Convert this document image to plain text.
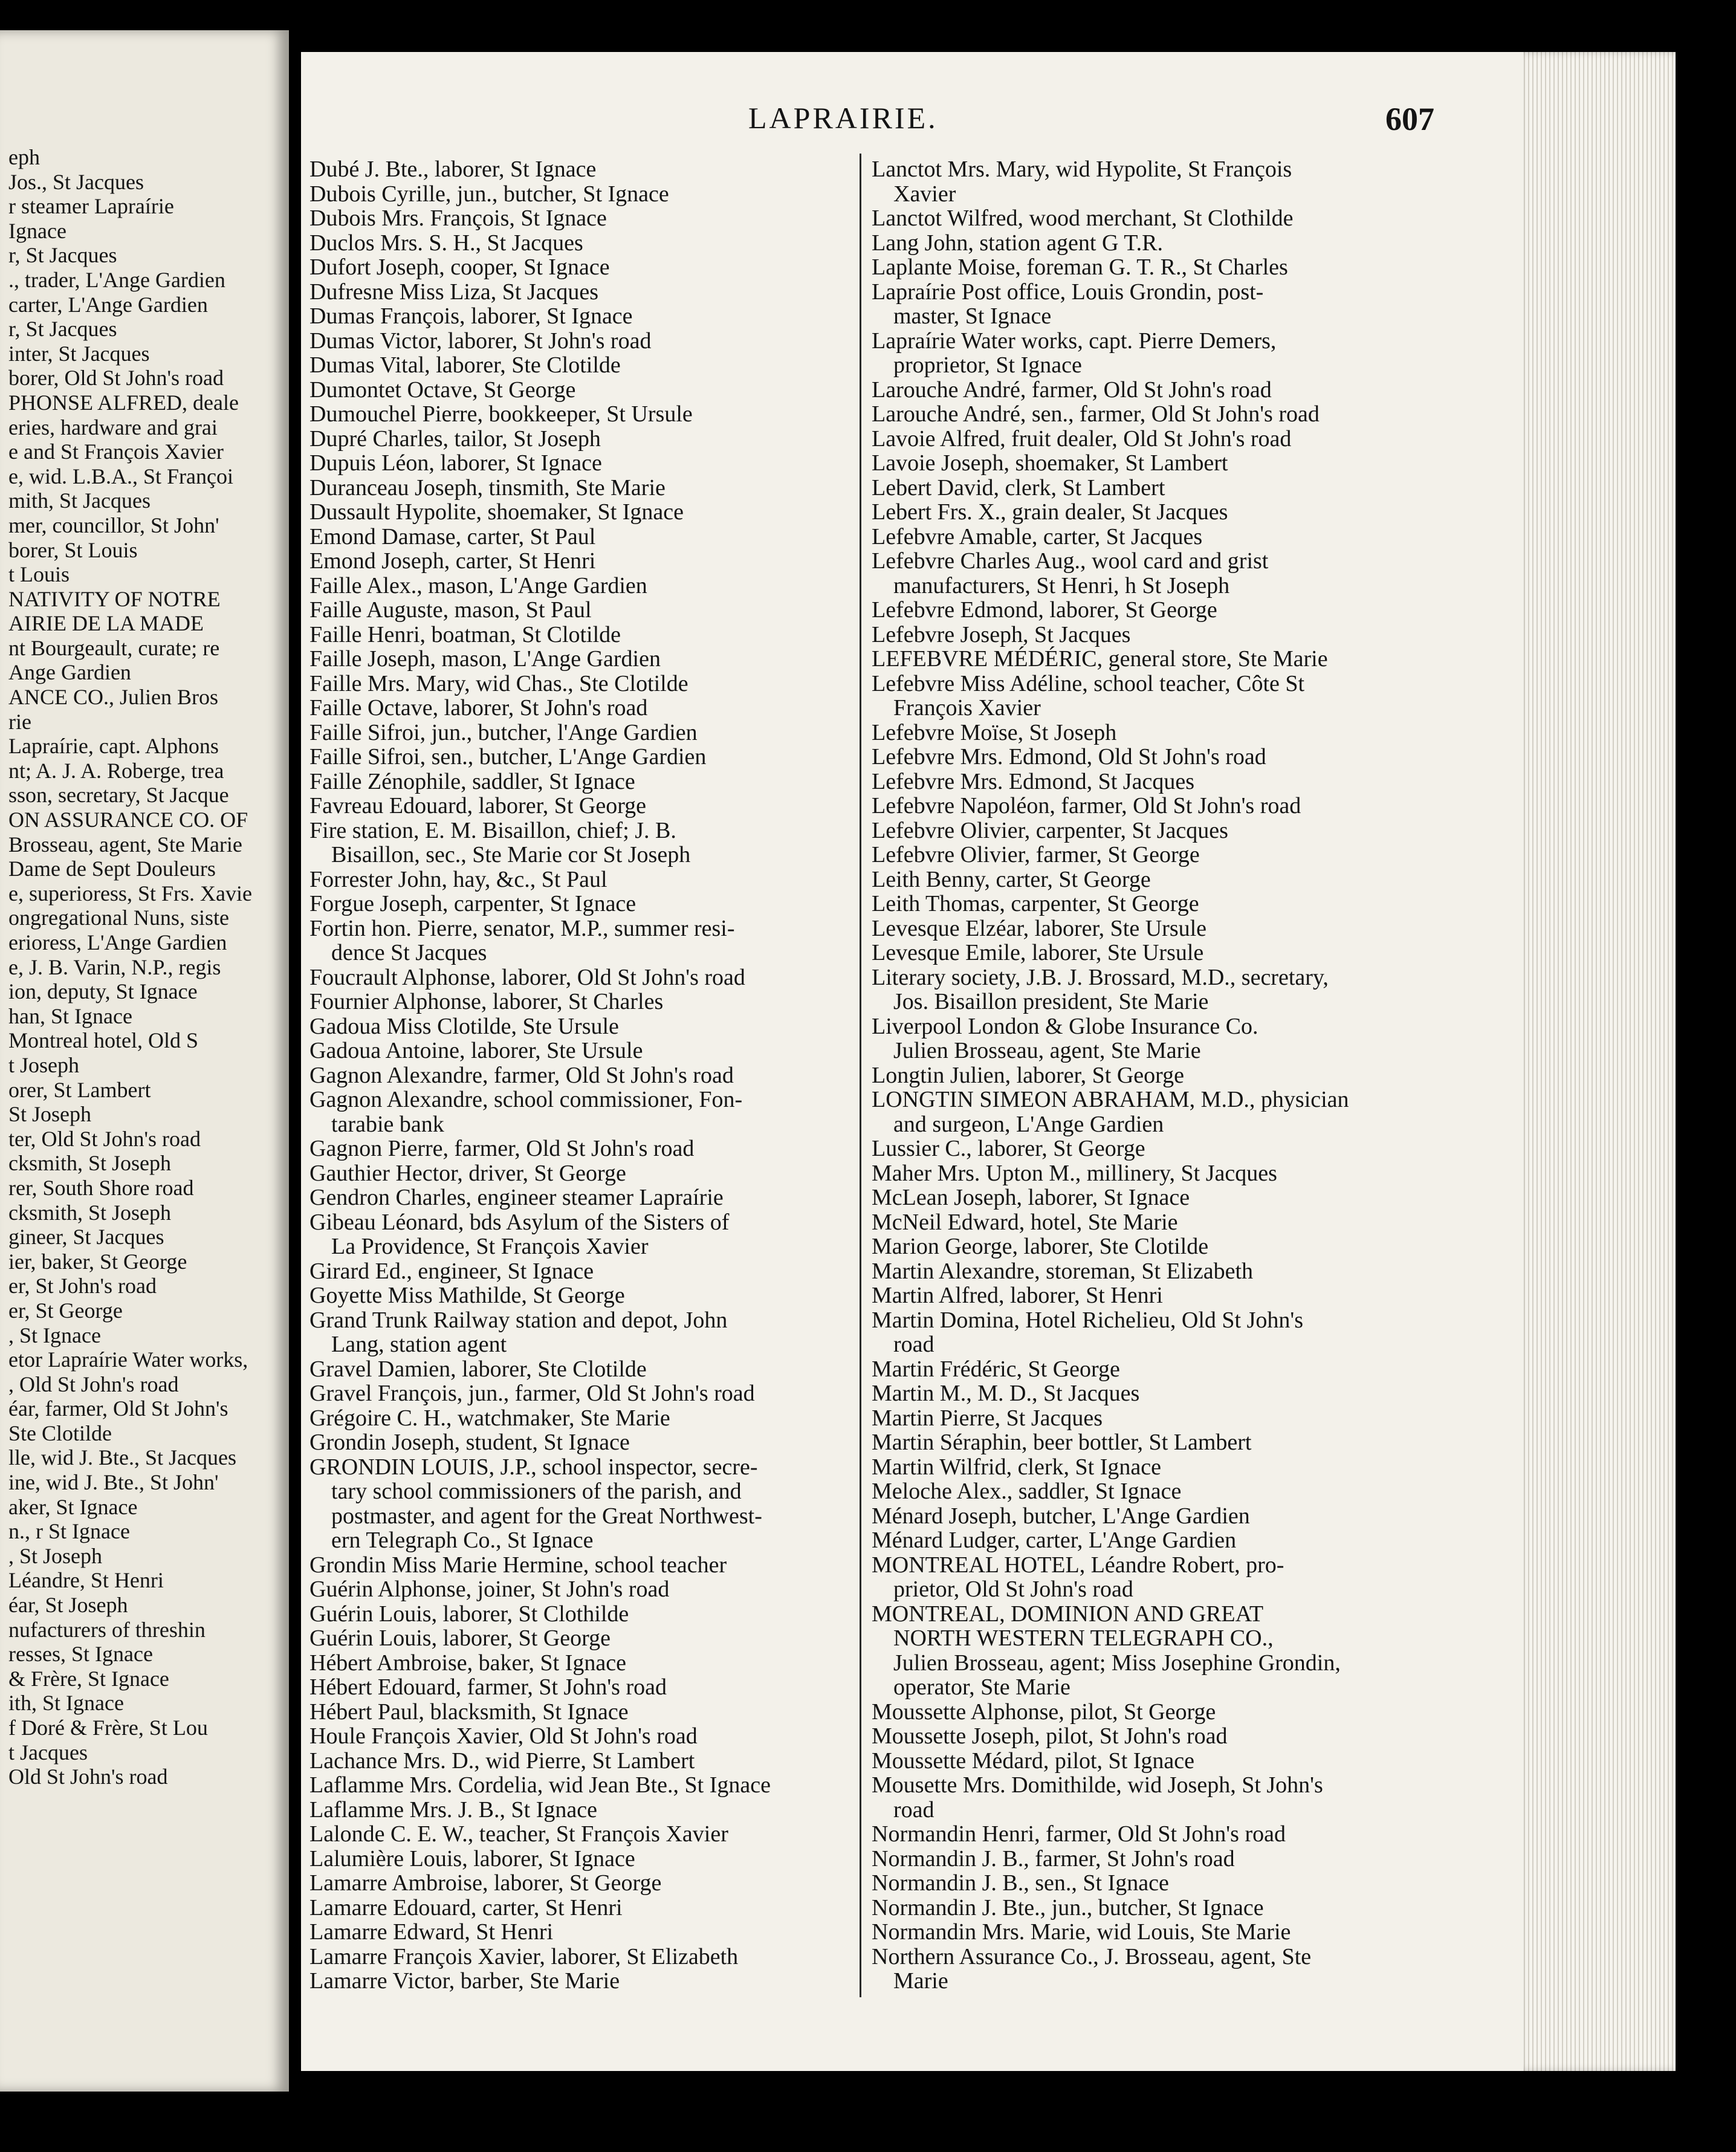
eph
Jos., St Jacques
r steamer Lapraírie
Ignace
r, St Jacques
., trader, L'Ange Gardien
carter, L'Ange Gardien
r, St Jacques
inter, St Jacques
borer, Old St John's road
PHONSE ALFRED, deale
eries, hardware and grai
e and St François Xavier
e, wid. L.B.A., St Françoi
mith, St Jacques
mer, councillor, St John'
borer, St Louis
t Louis
NATIVITY OF NOTRE
AIRIE DE LA MADE
nt Bourgeault, curate; re
Ange Gardien
ANCE CO., Julien Bros
rie
Lapraírie, capt. Alphons
nt; A. J. A. Roberge, trea
sson, secretary, St Jacque
ON ASSURANCE CO. OF
Brosseau, agent, Ste Marie
Dame de Sept Douleurs
e, superioress, St Frs. Xavie
ongregational Nuns, siste
erioress, L'Ange Gardien
e, J. B. Varin, N.P., regis
ion, deputy, St Ignace
han, St Ignace
Montreal hotel, Old S
t Joseph
orer, St Lambert
St Joseph
ter, Old St John's road
cksmith, St Joseph
rer, South Shore road
cksmith, St Joseph
gineer, St Jacques
ier, baker, St George
er, St John's road
er, St George
, St Ignace
etor Lapraírie Water works,
, Old St John's road
éar, farmer, Old St John's
Ste Clotilde
lle, wid J. Bte., St Jacques
ine, wid J. Bte., St John'
aker, St Ignace
n., r St Ignace
, St Joseph
Léandre, St Henri
éar, St Joseph
nufacturers of threshin
resses, St Ignace
& Frère, St Ignace
ith, St Ignace
f Doré & Frère, St Lou
t Jacques
Old St John's road
LAPRAIRIE.	607
Dubé J. Bte., laborer, St Ignace
Dubois Cyrille, jun., butcher, St Ignace
Dubois Mrs. François, St Ignace
Duclos Mrs. S. H., St Jacques
Dufort Joseph, cooper, St Ignace
Dufresne Miss Liza, St Jacques
Dumas François, laborer, St Ignace
Dumas Victor, laborer, St John's road
Dumas Vital, laborer, Ste Clotilde
Dumontet Octave, St George
Dumouchel Pierre, bookkeeper, St Ursule
Dupré Charles, tailor, St Joseph
Dupuis Léon, laborer, St Ignace
Duranceau Joseph, tinsmith, Ste Marie
Dussault Hypolite, shoemaker, St Ignace
Emond Damase, carter, St Paul
Emond Joseph, carter, St Henri
Faille Alex., mason, L'Ange Gardien
Faille Auguste, mason, St Paul
Faille Henri, boatman, St Clotilde
Faille Joseph, mason, L'Ange Gardien
Faille Mrs. Mary, wid Chas., Ste Clotilde
Faille Octave, laborer, St John's road
Faille Sifroi, jun., butcher, l'Ange Gardien
Faille Sifroi, sen., butcher, L'Ange Gardien
Faille Zénophile, saddler, St Ignace
Favreau Edouard, laborer, St George
Fire station, E. M. Bisaillon, chief; J. B.
Bisaillon, sec., Ste Marie cor St Joseph
Forrester John, hay, &c., St Paul
Forgue Joseph, carpenter, St Ignace
Fortin hon. Pierre, senator, M.P., summer resi-
dence St Jacques
Foucrault Alphonse, laborer, Old St John's road
Fournier Alphonse, laborer, St Charles
Gadoua Miss Clotilde, Ste Ursule
Gadoua Antoine, laborer, Ste Ursule
Gagnon Alexandre, farmer, Old St John's road
Gagnon Alexandre, school commissioner, Fon-
tarabie bank
Gagnon Pierre, farmer, Old St John's road
Gauthier Hector, driver, St George
Gendron Charles, engineer steamer Lapraírie
Gibeau Léonard, bds Asylum of the Sisters of
La Providence, St François Xavier
Girard Ed., engineer, St Ignace
Goyette Miss Mathilde, St George
Grand Trunk Railway station and depot, John
Lang, station agent
Gravel Damien, laborer, Ste Clotilde
Gravel François, jun., farmer, Old St John's road
Grégoire C. H., watchmaker, Ste Marie
Grondin Joseph, student, St Ignace
GRONDIN LOUIS, J.P., school inspector, secre-
tary school commissioners of the parish, and
postmaster, and agent for the Great Northwest-
ern Telegraph Co., St Ignace
Grondin Miss Marie Hermine, school teacher
Guérin Alphonse, joiner, St John's road
Guérin Louis, laborer, St Clothilde
Guérin Louis, laborer, St George
Hébert Ambroise, baker, St Ignace
Hébert Edouard, farmer, St John's road
Hébert Paul, blacksmith, St Ignace
Houle François Xavier, Old St John's road
Lachance Mrs. D., wid Pierre, St Lambert
Laflamme Mrs. Cordelia, wid Jean Bte., St Ignace
Laflamme Mrs. J. B., St Ignace
Lalonde C. E. W., teacher, St François Xavier
Lalumière Louis, laborer, St Ignace
Lamarre Ambroise, laborer, St George
Lamarre Edouard, carter, St Henri
Lamarre Edward, St Henri
Lamarre François Xavier, laborer, St Elizabeth
Lamarre Victor, barber, Ste Marie
Lanctot Mrs. Mary, wid Hypolite, St François
Xavier
Lanctot Wilfred, wood merchant, St Clothilde
Lang John, station agent G T.R.
Laplante Moise, foreman G. T. R., St Charles
Lapraírie Post office, Louis Grondin, post-
master, St Ignace
Lapraírie Water works, capt. Pierre Demers,
proprietor, St Ignace
Larouche André, farmer, Old St John's road
Larouche André, sen., farmer, Old St John's road
Lavoie Alfred, fruit dealer, Old St John's road
Lavoie Joseph, shoemaker, St Lambert
Lebert David, clerk, St Lambert
Lebert Frs. X., grain dealer, St Jacques
Lefebvre Amable, carter, St Jacques
Lefebvre Charles Aug., wool card and grist
manufacturers, St Henri, h St Joseph
Lefebvre Edmond, laborer, St George
Lefebvre Joseph, St Jacques
LEFEBVRE MÉDÉRIC, general store, Ste Marie
Lefebvre Miss Adéline, school teacher, Côte St
François Xavier
Lefebvre Moïse, St Joseph
Lefebvre Mrs. Edmond, Old St John's road
Lefebvre Mrs. Edmond, St Jacques
Lefebvre Napoléon, farmer, Old St John's road
Lefebvre Olivier, carpenter, St Jacques
Lefebvre Olivier, farmer, St George
Leith Benny, carter, St George
Leith Thomas, carpenter, St George
Levesque Elzéar, laborer, Ste Ursule
Levesque Emile, laborer, Ste Ursule
Literary society, J.B. J. Brossard, M.D., secretary,
Jos. Bisaillon president, Ste Marie
Liverpool London & Globe Insurance Co.
Julien Brosseau, agent, Ste Marie
Longtin Julien, laborer, St George
LONGTIN SIMEON ABRAHAM, M.D., physician
and surgeon, L'Ange Gardien
Lussier C., laborer, St George
Maher Mrs. Upton M., millinery, St Jacques
McLean Joseph, laborer, St Ignace
McNeil Edward, hotel, Ste Marie
Marion George, laborer, Ste Clotilde
Martin Alexandre, storeman, St Elizabeth
Martin Alfred, laborer, St Henri
Martin Domina, Hotel Richelieu, Old St John's
road
Martin Frédéric, St George
Martin M., M. D., St Jacques
Martin Pierre, St Jacques
Martin Séraphin, beer bottler, St Lambert
Martin Wilfrid, clerk, St Ignace
Meloche Alex., saddler, St Ignace
Ménard Joseph, butcher, L'Ange Gardien
Ménard Ludger, carter, L'Ange Gardien
MONTREAL HOTEL, Léandre Robert, pro-
prietor, Old St John's road
MONTREAL, DOMINION AND GREAT
NORTH WESTERN TELEGRAPH CO.,
Julien Brosseau, agent; Miss Josephine Grondin,
operator, Ste Marie
Moussette Alphonse, pilot, St George
Moussette Joseph, pilot, St John's road
Moussette Médard, pilot, St Ignace
Mousette Mrs. Domithilde, wid Joseph, St John's
road
Normandin Henri, farmer, Old St John's road
Normandin J. B., farmer, St John's road
Normandin J. B., sen., St Ignace
Normandin J. Bte., jun., butcher, St Ignace
Normandin Mrs. Marie, wid Louis, Ste Marie
Northern Assurance Co., J. Brosseau, agent, Ste
Marie
